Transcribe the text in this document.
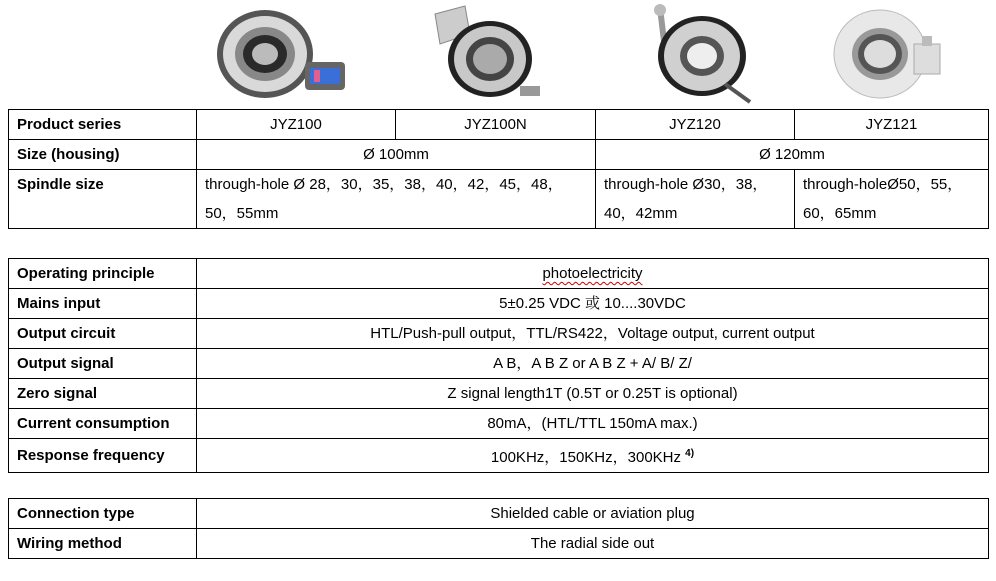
Product series	JYZ100	JYZ100N	JYZ120	JYZ121
Size (housing)	Ø 100mm		Ø 120mm	
Spindle size	through-hole Ø 28，30，35，38，40，42，45，48，50，55mm		through-hole Ø30，38，40，42mm	through-holeØ50，55，60，65mm
Operating principle	photoelectricity
Mains input	5±0.25 VDC 或 10....30VDC
Output circuit	HTL/Push-pull output，TTL/RS422，Voltage output, current output
Output signal	A B，A B Z or A B Z + A/ B/ Z/
Zero signal	Z signal length1T (0.5T or 0.25T is optional)
Current consumption	80mA，(HTL/TTL 150mA max.)
Response frequency	100KHz，150KHz，300KHz $^{4)}$
Connection type	Shielded cable or aviation plug
Wiring method	The radial side out
